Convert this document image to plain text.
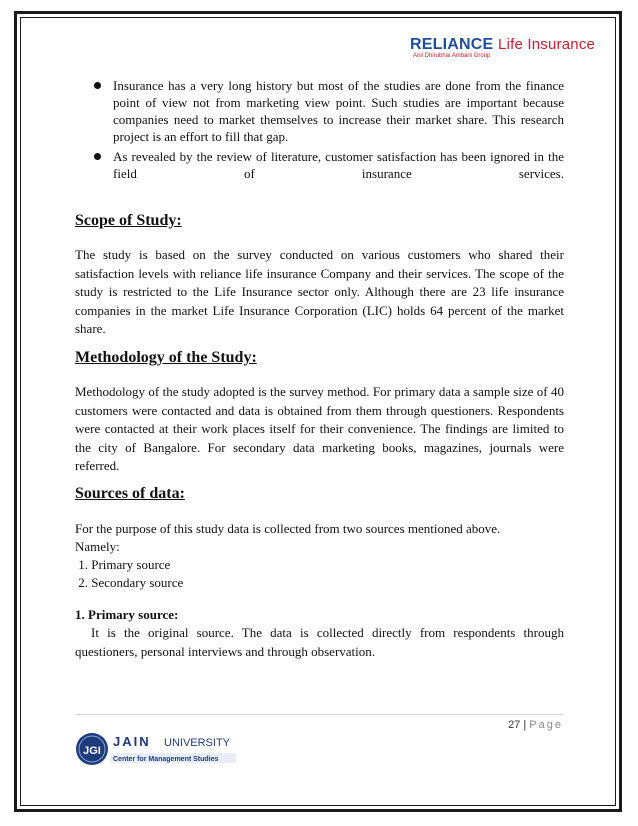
RELIANCE Life Insurance
Anil Dhirubhai Ambani Group
Insurance has a very long history but most of the studies are done from the finance point of view not from marketing view point. Such studies are important because companies need to market themselves to increase their market share. This research project is an effort to fill that gap.
As revealed by the review of literature, customer satisfaction has been ignored in the field of insurance services.
Scope of Study:

The study is based on the survey conducted on various customers who shared their satisfaction levels with reliance life insurance Company and their services. The scope of the study is restricted to the Life Insurance sector only. Although there are 23 life insurance companies in the market Life Insurance Corporation (LIC) holds 64 percent of the market share.

Methodology of the Study:

Methodology of the study adopted is the survey method. For primary data a sample size of 40 customers were contacted and data is obtained from them through questioners. Respondents were contacted at their work places itself for their convenience. The findings are limited to the city of Bangalore. For secondary data marketing books, magazines, journals were referred.

Sources of data:

For the purpose of this study data is collected from two sources mentioned above.

Namely:

1. Primary source

2. Secondary source

1. Primary source:

It is the original source. The data is collected directly from respondents through questioners, personal interviews and through observation.

27 | Page
JGI
JAIN UNIVERSITY
Center for Management Studies
